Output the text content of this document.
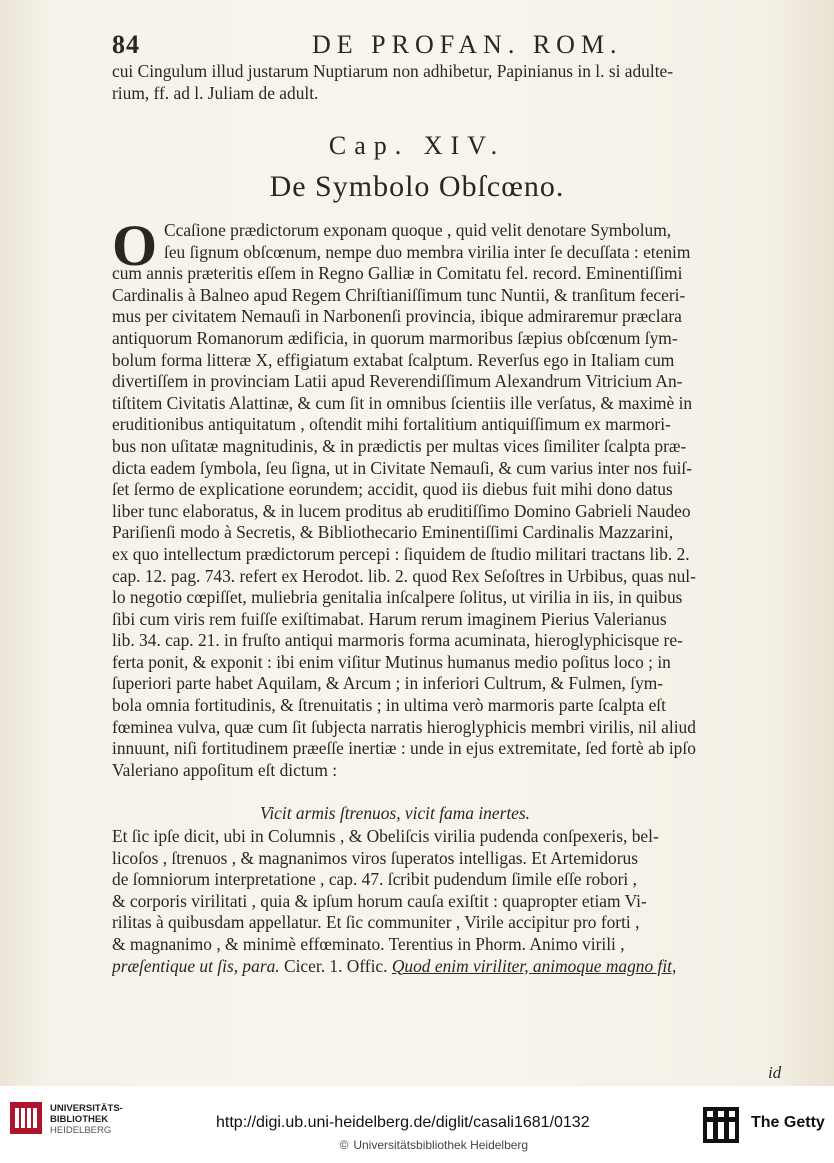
84	DE PROFAN. ROM.
cui Cingulum illud justarum Nuptiarum non adhibetur, Papinianus in l. si adulte-
rium, ff. ad l. Juliam de adult.
Cap. XIV.
De Symbolo Obſcœno.
O Ccaſione prædictorum exponam quoque , quid velit denotare Symbolum,
ſeu ſignum obſcœnum, nempe duo membra virilia inter ſe decuſſata : etenim
cum annis præteritis eſſem in Regno Galliæ in Comitatu fel. record. Eminentiſſimi
Cardinalis à Balneo apud Regem Chriſtianiſſimum tunc Nuntii, & tranſitum feceri-
mus per civitatem Nemauſi in Narbonenſi provincia, ibique admiraremur præclara
antiquorum Romanorum ædificia, in quorum marmoribus ſæpius obſcœnum ſym-
bolum forma litteræ X, effigiatum extabat ſcalptum. Reverſus ego in Italiam cum
divertiſſem in provinciam Latii apud Reverendiſſimum Alexandrum Vitricium An-
tiſtitem Civitatis Alattinæ, & cum ſit in omnibus ſcientiis ille verſatus, & maximè in
eruditionibus antiquitatum , oſtendit mihi fortalitium antiquiſſimum ex marmori-
bus non uſitatæ magnitudinis, & in prædictis per multas vices ſimiliter ſcalpta præ-
dicta eadem ſymbola, ſeu ſigna, ut in Civitate Nemauſi, & cum varius inter nos fuiſ-
ſet ſermo de explicatione eorundem; accidit, quod iis diebus fuit mihi dono datus
liber tunc elaboratus, & in lucem proditus ab eruditiſſimo Domino Gabrieli Naudeo
Pariſienſi modo à Secretis, & Bibliothecario Eminentiſſimi Cardinalis Mazzarini,
ex quo intellectum prædictorum percepi : ſiquidem de ſtudio militari tractans lib. 2.
cap. 12. pag. 743. refert ex Herodot. lib. 2. quod Rex Seſoſtres in Urbibus, quas nul-
lo negotio cœpiſſet, muliebria genitalia inſcalpere ſolitus, ut virilia in iis, in quibus
ſibi cum viris rem fuiſſe exiſtimabat. Harum rerum imaginem Pierius Valerianus
lib. 34. cap. 21. in fruſto antiqui marmoris forma acuminata, hieroglyphicisque re-
ferta ponit, & exponit : ibi enim viſitur Mutinus humanus medio poſitus loco ; in
ſuperiori parte habet Aquilam, & Arcum ; in inferiori Cultrum, & Fulmen, ſym-
bola omnia fortitudinis, & ſtrenuitatis ; in ultima verò marmoris parte ſcalpta eſt
fœminea vulva, quæ cum ſit ſubjecta narratis hieroglyphicis membri virilis, nil aliud
innuunt, niſi fortitudinem præeſſe inertiæ : unde in ejus extremitate, ſed fortè ab ipſo
Valeriano appoſitum eſt dictum :
Vicit armis ſtrenuos, vicit fama inertes.
Et ſic ipſe dicit, ubi in Columnis , & Obeliſcis virilia pudenda conſpexeris, bel-
licoſos , ſtrenuos , & magnanimos viros ſuperatos intelligas. Et Artemidorus
de ſomniorum interpretatione , cap. 47. ſcribit pudendum ſimile eſſe robori ,
& corporis virilitati , quia & ipſum horum cauſa exiſtit : quapropter etiam Vi-
rilitas à quibusdam appellatur. Et ſic communiter , Virile accipitur pro forti ,
& magnanimo , & minimè effœminato. Terentius in Phorm. Animo virili ,
præſentique ut ſis, para. Cicer. 1. Offic. Quod enim viriliter, animoque magno fit,
id
UNIVERSITÄTS-
BIBLIOTHEK
HEIDELBERG	http://digi.ub.uni-heidelberg.de/diglit/casali1681/0132
© Universitätsbibliothek Heidelberg
The Getty
